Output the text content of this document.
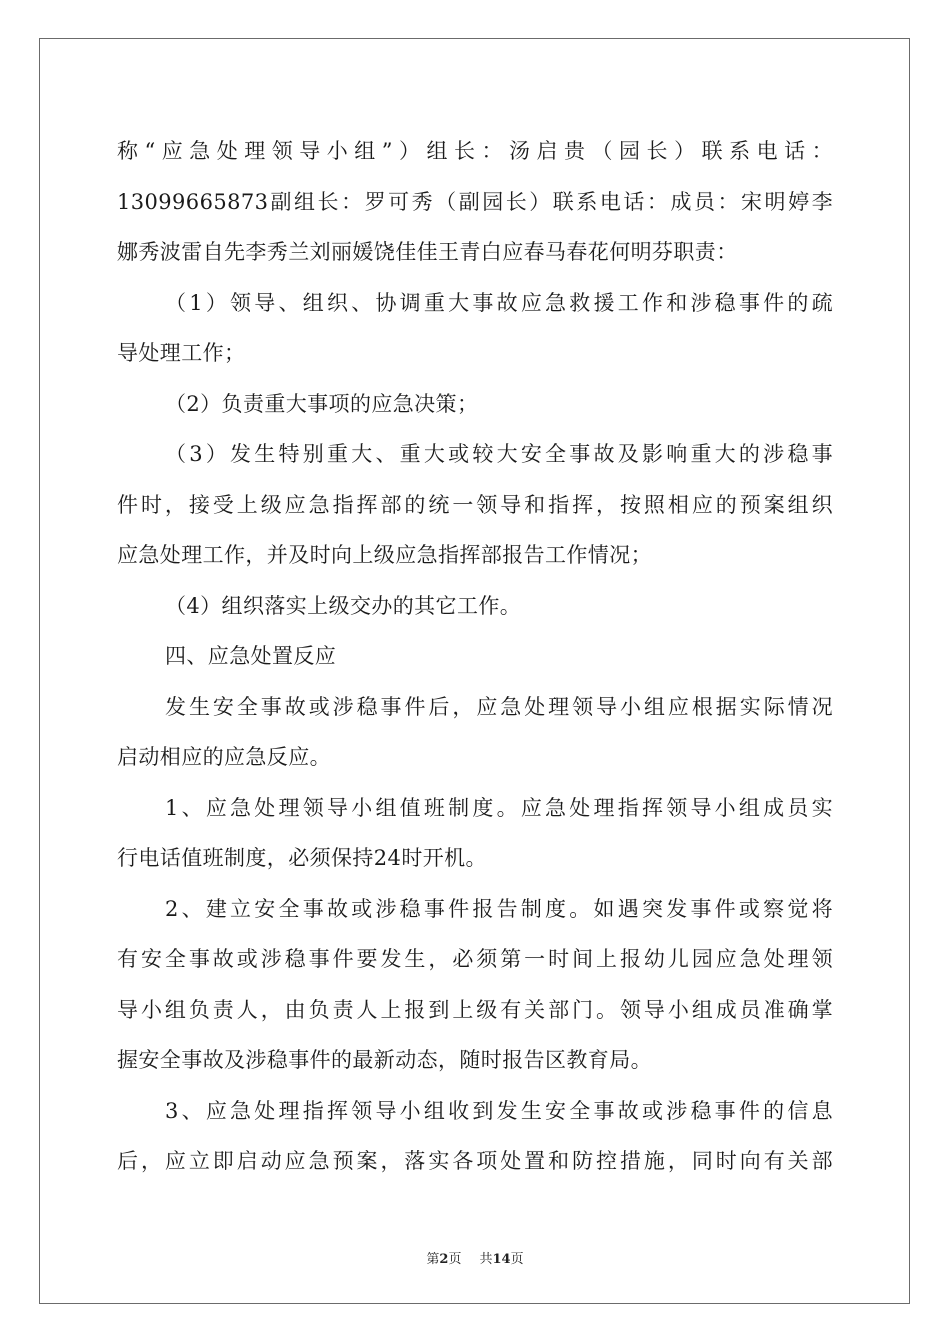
称“应急处理领导小组”）组长：汤启贵（园长）联系电话：
13099665873副组长：罗可秀（副园长）联系电话：成员：宋明婷李
娜秀波雷自先李秀兰刘丽媛饶佳佳王青白应春马春花何明芬职责：
（1）领导、组织、协调重大事故应急救援工作和涉稳事件的疏
导处理工作；
（2）负责重大事项的应急决策；
（3）发生特别重大、重大或较大安全事故及影响重大的涉稳事
件时，接受上级应急指挥部的统一领导和指挥，按照相应的预案组织
应急处理工作，并及时向上级应急指挥部报告工作情况；
（4）组织落实上级交办的其它工作。
四、应急处置反应
发生安全事故或涉稳事件后，应急处理领导小组应根据实际情况
启动相应的应急反应。
1、应急处理领导小组值班制度。应急处理指挥领导小组成员实
行电话值班制度，必须保持24时开机。
2、建立安全事故或涉稳事件报告制度。如遇突发事件或察觉将
有安全事故或涉稳事件要发生，必须第一时间上报幼儿园应急处理领
导小组负责人，由负责人上报到上级有关部门。领导小组成员准确掌
握安全事故及涉稳事件的最新动态，随时报告区教育局。
3、应急处理指挥领导小组收到发生安全事故或涉稳事件的信息
后，应立即启动应急预案，落实各项处置和防控措施，同时向有关部
第2页 共14页
